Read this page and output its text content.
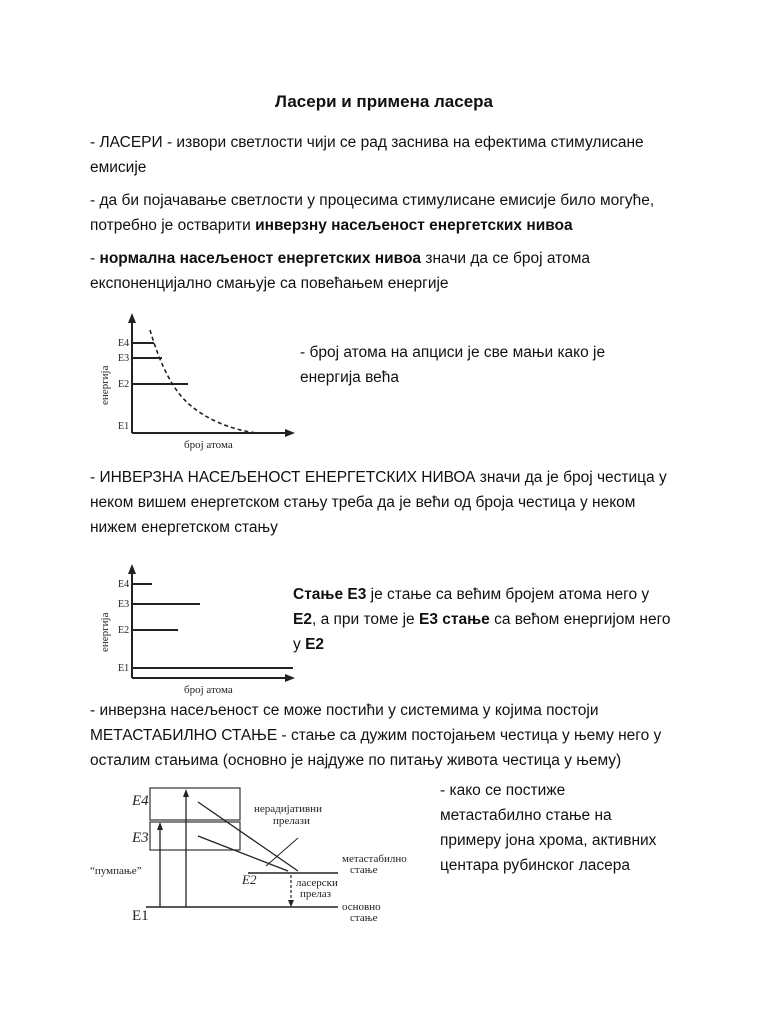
Ласери и примена ласера

- ЛАСЕРИ - извори светлости чији се рад заснива на ефектима стимулисане
емисије

- да би појачавање светлости у процесима стимулисане емисије било могуће,
потребно је остварити инверзну насељеност енергетских нивоа

- нормална насељеност енергетских нивоа значи да се број атома
експоненцијално смањује са повећањем енергије

E4
E3
E2
E1
енергија
број атома

- број атома на апциси је све мањи како је
енергија већа

- ИНВЕРЗНА НАСЕЉЕНОСТ ЕНЕРГЕТСКИХ НИВОА значи да је број честица у
неком вишем енергетском стању треба да је већи од броја честица у неком
нижем енергетском стању

E4
E3
E2
E1
енергија
број атома

Стање Е3 је стање са већим бројем атома него у
Е2, а при томе је Е3 стање са већом енергијом него
у Е2

- инверзна насељеност се може постићи у системима у којима постоји
МЕТАСТАБИЛНО СТАЊЕ - стање са дужим постојањем честица у њему него у
осталим стањима (основно је најдуже по питању живота честица у њему)

E4
E3
E2
E1
нерадијативни
прелази
метастабилно
стање
ласерски
прелаз
основно
стање
“пумпање”

- како се постиже
метастабилно стање на
примеру јона хрома, активних
центара рубинског ласера
